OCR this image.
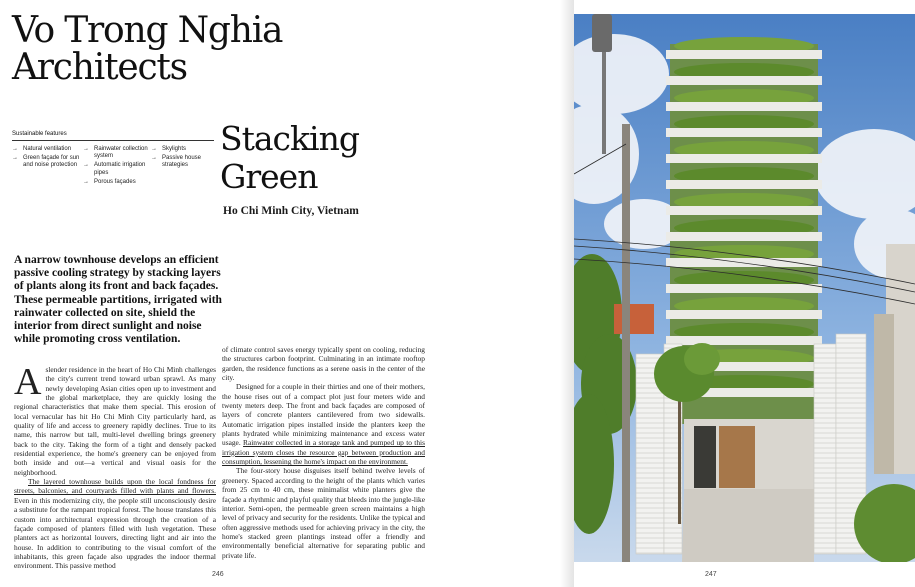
Vo Trong Nghia
Architects
Sustainable features
→ Natural ventilation
→ Green façade for sun and noise protection
→ Rainwater collection system
→ Automatic irrigation pipes
→ Porous façades
→ Skylights
→ Passive house strategies
Stacking
Green
Ho Chi Minh City, Vietnam
A narrow townhouse develops an efficient passive cooling strategy by stacking layers of plants along its front and back façades. These permeable partitions, irrigated with rainwater collected on site, shield the interior from direct sunlight and noise while promoting cross ventilation.

Aslender residence in the heart of Ho Chi Minh challenges the city's current trend toward urban sprawl. As many newly developing Asian cities open up to investment and the global marketplace, they are quickly losing the regional characteristics that make them special. This erosion of local vernacular has hit Ho Chi Minh City particularly hard, as quality of life and access to greenery rapidly declines. True to its name, this narrow but tall, multi-level dwelling brings greenery back to the city. Taking the form of a tight and densely packed residential experience, the home's greenery can be enjoyed from both inside and out—a vertical and visual oasis for the neighborhood.

The layered townhouse builds upon the local fondness for streets, balconies, and courtyards filled with plants and flowers. Even in this modernizing city, the people still unconsciously desire a substitute for the rampant tropical forest. The house translates this custom into architectural expression through the creation of a façade composed of planters filled with lush vegetation. These planters act as horizontal louvers, directing light and air into the house. In addition to contributing to the visual comfort of the inhabitants, this green façade also upgrades the indoor thermal environment. This passive method

of climate control saves energy typically spent on cooling, reducing the structures carbon footprint. Culminating in an intimate rooftop garden, the residence functions as a serene oasis in the center of the city.

Designed for a couple in their thirties and one of their mothers, the house rises out of a compact plot just four meters wide and twenty meters deep. The front and back façades are composed of layers of concrete planters cantilevered from two sidewalls. Automatic irrigation pipes installed inside the planters keep the plants hydrated while minimizing maintenance and excess water usage. Rainwater collected in a storage tank and pumped up to this irrigation system closes the resource gap between production and consumption, lessening the home's impact on the environment.

The four-story house disguises itself behind twelve levels of greenery. Spaced according to the height of the plants which varies from 25 cm to 40 cm, these minimalist white planters give the façade a rhythmic and playful quality that bleeds into the jungle-like interior. Semi-open, the permeable green screen maintains a high level of privacy and security for the residents. Unlike the typical and often aggressive methods used for achieving privacy in the city, the home's stacked green plantings instead offer a friendly and environmentally beneficial alternative for separating public and private life.

246	247
